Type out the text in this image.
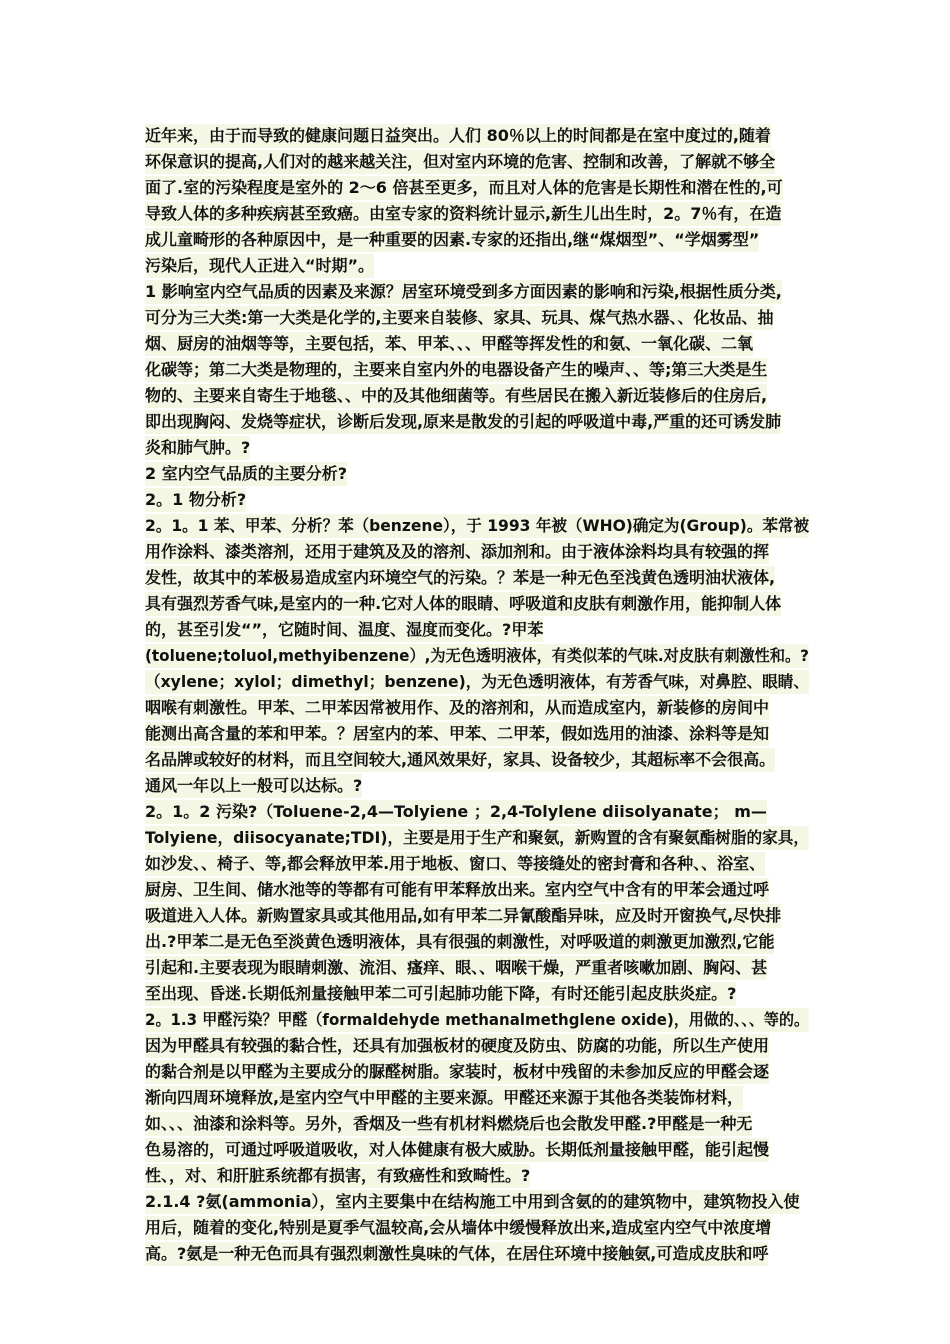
近年来，由于而导致的健康问题日益突出。人们 80％以上的时间都是在室中度过的,随着
环保意识的提高,人们对的越来越关注，但对室内环境的危害、控制和改善，了解就不够全
面了.室的污染程度是室外的 2～6 倍甚至更多，而且对人体的危害是长期性和潜在性的,可
导致人体的多种疾病甚至致癌。由室专家的资料统计显示,新生儿出生时，2。7％有，在造
成儿童畸形的各种原因中，是一种重要的因素.专家的还指出,继“煤烟型”、“学烟雾型”
污染后，现代人正进入“时期”。
1 影响室内空气品质的因素及来源？居室环境受到多方面因素的影响和污染,根据性质分类,
可分为三大类:第一大类是化学的,主要来自装修、家具、玩具、煤气热水器、、化妆品、抽
烟、厨房的油烟等等，主要包括，苯、甲苯、、、甲醛等挥发性的和氨、一氧化碳、二氧
化碳等；第二大类是物理的，主要来自室内外的电器设备产生的噪声、、等;第三大类是生
物的、主要来自寄生于地毯、、中的及其他细菌等。有些居民在搬入新近装修后的住房后,
即出现胸闷、发烧等症状，诊断后发现,原来是散发的引起的呼吸道中毒,严重的还可诱发肺
炎和肺气肿。?
2 室内空气品质的主要分析?
2。1 物分析?
2。1。1 苯、甲苯、分析？苯（benzene），于 1993 年被（WHO)确定为(Group)。苯常被
用作涂料、漆类溶剂，还用于建筑及及的溶剂、添加剂和。由于液体涂料均具有较强的挥
发性，故其中的苯极易造成室内环境空气的污染。？苯是一种无色至浅黄色透明油状液体,
具有强烈芳香气味,是室内的一种.它对人体的眼睛、呼吸道和皮肤有刺激作用，能抑制人体
的，甚至引发“”，它随时间、温度、湿度而变化。?甲苯
(toluene;toluol,methyibenzene）,为无色透明液体，有类似苯的气味.对皮肤有刺激性和。?
（xylene；xylol；dimethyl；benzene)，为无色透明液体，有芳香气味，对鼻腔、眼睛、
咽喉有刺激性。甲苯、二甲苯因常被用作、及的溶剂和，从而造成室内，新装修的房间中
能测出高含量的苯和甲苯。？居室内的苯、甲苯、二甲苯，假如选用的油漆、涂料等是知
名品牌或较好的材料，而且空间较大,通风效果好，家具、设备较少，其超标率不会很高。
通风一年以上一般可以达标。?
2。1。2 污染?（Toluene-2,4—Tolyiene ；2,4-Tolylene diisolyanate； m—
Tolyiene，diisocyanate;TDI)，主要是用于生产和聚氨，新购置的含有聚氨酯树脂的家具，
如沙发、、椅子、等,都会释放甲苯.用于地板、窗口、等接缝处的密封膏和各种、、浴室、
厨房、卫生间、储水池等的等都有可能有甲苯释放出来。室内空气中含有的甲苯会通过呼
吸道进入人体。新购置家具或其他用品,如有甲苯二异氰酸酯异味，应及时开窗换气,尽快排
出.?甲苯二是无色至淡黄色透明液体，具有很强的刺激性，对呼吸道的刺激更加激烈,它能
引起和.主要表现为眼睛刺激、流泪、瘙痒、眼、、咽喉干燥，严重者咳嗽加剧、胸闷、甚
至出现、昏迷.长期低剂量接触甲苯二可引起肺功能下降，有时还能引起皮肤炎症。?
2。1.3 甲醛污染？甲醛（formaldehyde methanalmethglene oxide)，用做的、、、等的。
因为甲醛具有较强的黏合性，还具有加强板材的硬度及防虫、防腐的功能，所以生产使用
的黏合剂是以甲醛为主要成分的脲醛树脂。家装时，板材中残留的未参加反应的甲醛会逐
渐向四周环境释放,是室内空气中甲醛的主要来源。甲醛还来源于其他各类装饰材料，
如、、、油漆和涂料等。另外，香烟及一些有机材料燃烧后也会散发甲醛.?甲醛是一种无
色易溶的，可通过呼吸道吸收，对人体健康有极大威胁。长期低剂量接触甲醛，能引起慢
性、，对、和肝脏系统都有损害，有致癌性和致畸性。?
2.1.4 ?氨(ammonia），室内主要集中在结构施工中用到含氨的的建筑物中，建筑物投入使
用后，随着的变化,特别是夏季气温较高,会从墙体中缓慢释放出来,造成室内空气中浓度增
高。?氨是一种无色而具有强烈刺激性臭味的气体，在居住环境中接触氨,可造成皮肤和呼
